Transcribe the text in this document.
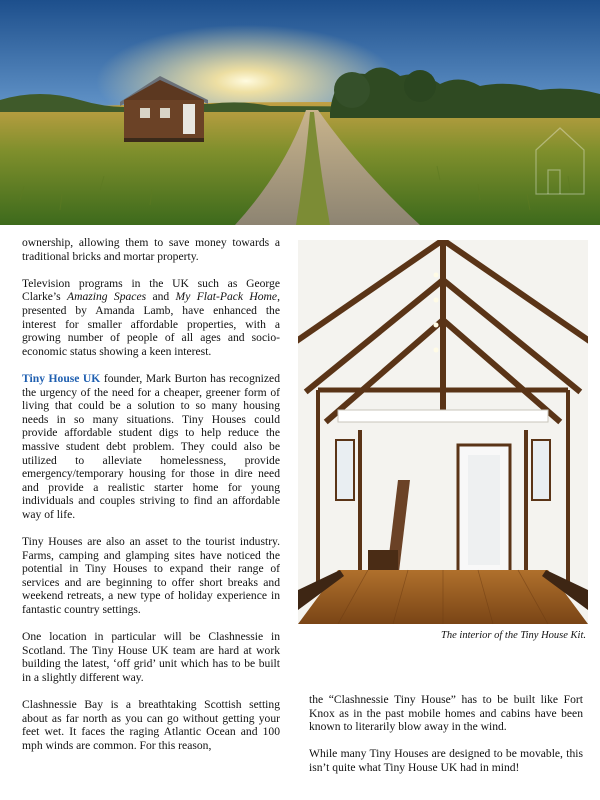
ownership, allowing them to save money towards a traditional bricks and mortar property.

Television programs in the UK such as George Clarke’s Amazing Spaces and My Flat-Pack Home, presented by Amanda Lamb, have enhanced the interest for smaller affordable properties, with a growing number of people of all ages and socio-economic status showing a keen interest.

Tiny House UK founder, Mark Burton has recognized the urgency of the need for a cheaper, greener form of living that could be a solution to so many housing needs in so many situations. Tiny Houses could provide affordable student digs to help reduce the massive student debt problem. They could also be utilized to alleviate homelessness, provide emergency/temporary housing for those in dire need and provide a realistic starter home for young individuals and couples striving to find an affordable way of life.

Tiny Houses are also an asset to the tourist industry. Farms, camping and glamping sites have noticed the potential in Tiny Houses to expand their range of services and are beginning to offer short breaks and weekend retreats, a new type of holiday experience in fantastic country settings.

One location in particular will be Clashnessie in Scotland. The Tiny House UK team are hard at work building the latest, ‘off grid’ unit which has to be built in a slightly different way.

Clashnessie Bay is a breathtaking Scottish setting about as far north as you can go without getting your feet wet. It faces the raging Atlantic Ocean and 100 mph winds are common. For this reason,

The interior of the Tiny House Kit.

the “Clashnessie Tiny House” has to be built like Fort Knox as in the past mobile homes and cabins have been known to literarily blow away in the wind.

While many Tiny Houses are designed to be movable, this isn’t quite what Tiny House UK had in mind!
